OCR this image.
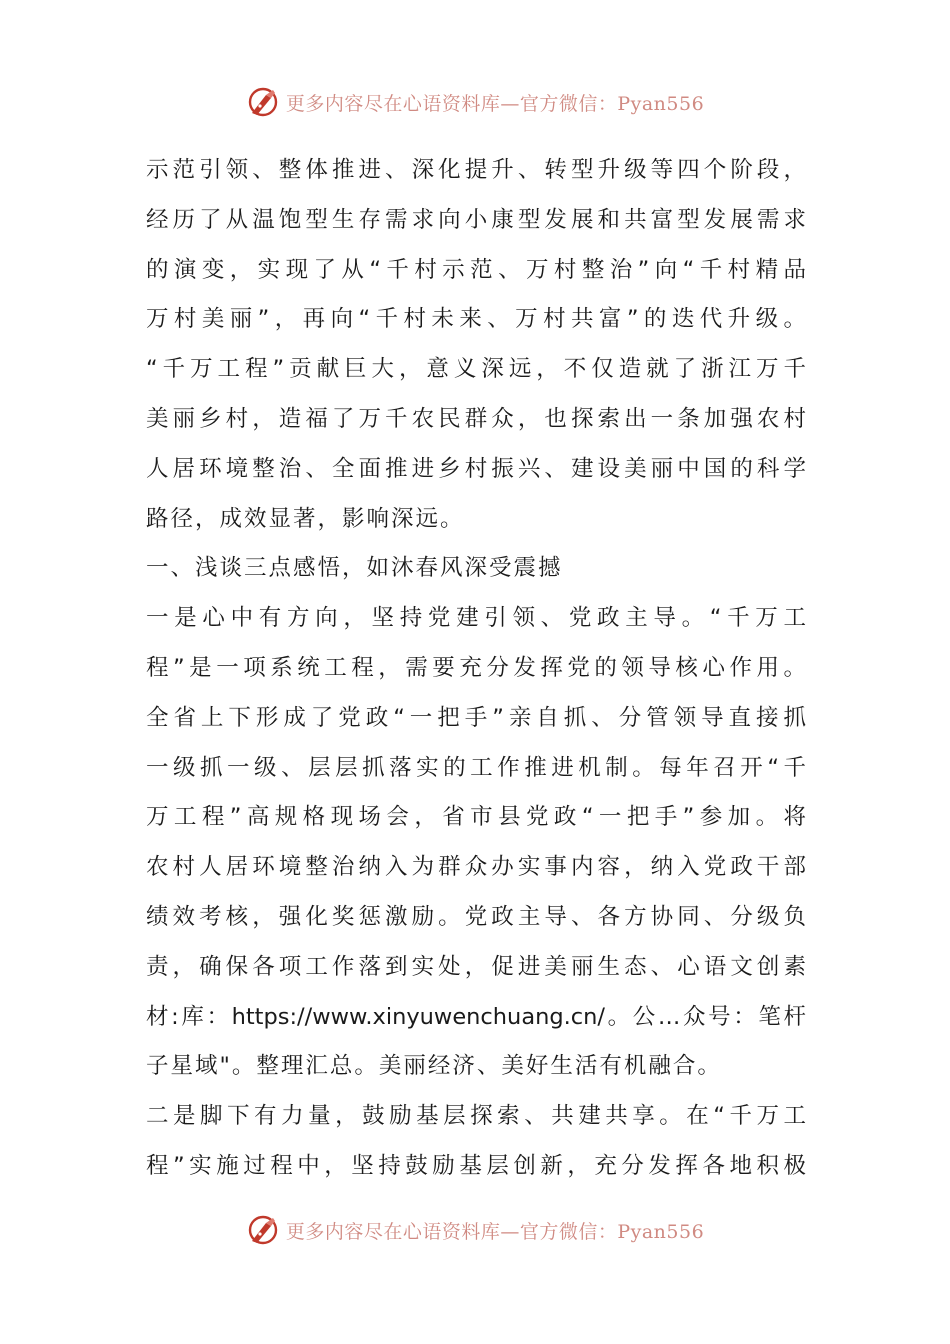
更多内容尽在心语资料库—官方微信：Pyan556
示范引领、整体推进、深化提升、转型升级等四个阶段，
经历了从温饱型生存需求向小康型发展和共富型发展需求
的演变，实现了从“千村示范、万村整治”向“千村精品
万村美丽”，再向“千村未来、万村共富”的迭代升级。
“千万工程”贡献巨大，意义深远，不仅造就了浙江万千
美丽乡村，造福了万千农民群众，也探索出一条加强农村
人居环境整治、全面推进乡村振兴、建设美丽中国的科学
路径，成效显著，影响深远。
一、浅谈三点感悟，如沐春风深受震撼
一是心中有方向，坚持党建引领、党政主导。“千万工
程”是一项系统工程，需要充分发挥党的领导核心作用。
全省上下形成了党政“一把手”亲自抓、分管领导直接抓
一级抓一级、层层抓落实的工作推进机制。每年召开“千
万工程”高规格现场会，省市县党政“一把手”参加。将
农村人居环境整治纳入为群众办实事内容，纳入党政干部
绩效考核，强化奖惩激励。党政主导、各方协同、分级负
责，确保各项工作落到实处，促进美丽生态、心语文创素
材:库：https://www.xinyuwenchuang.cn/。公…众号：笔杆
子星域"。整理汇总。美丽经济、美好生活有机融合。
二是脚下有力量，鼓励基层探索、共建共享。在“千万工
程”实施过程中，坚持鼓励基层创新，充分发挥各地积极
更多内容尽在心语资料库—官方微信：Pyan556
